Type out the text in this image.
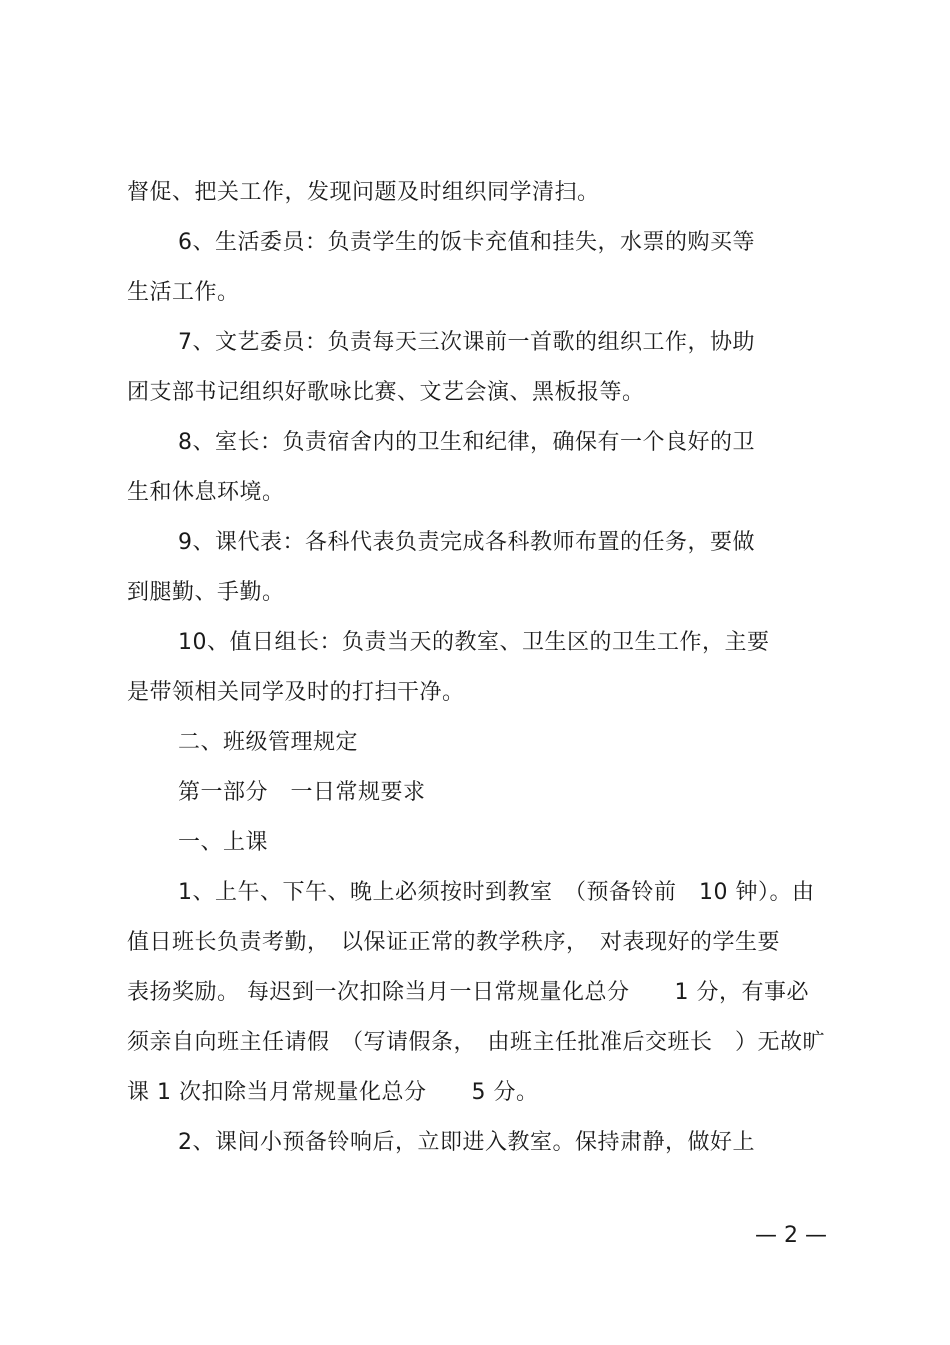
督促、把关工作，发现问题及时组织同学清扫。
6、生活委员：负责学生的饭卡充值和挂失，水票的购买等
生活工作。
7、文艺委员：负责每天三次课前一首歌的组织工作，协助
团支部书记组织好歌咏比赛、文艺会演、黑板报等。
8、室长：负责宿舍内的卫生和纪律，确保有一个良好的卫
生和休息环境。
9、课代表：各科代表负责完成各科教师布置的任务，要做
到腿勤、手勤。
10、值日组长：负责当天的教室、卫生区的卫生工作，主要
是带领相关同学及时的打扫干净。
二、班级管理规定
第一部分　一日常规要求
一、上课
1、上午、下午、晚上必须按时到教室　（预备铃前　10 钟）。由
值日班长负责考勤，　以保证正常的教学秩序，　对表现好的学生要
表扬奖励。 每迟到一次扣除当月一日常规量化总分　　1 分，有事必
须亲自向班主任请假　（写请假条，　由班主任批准后交班长　）无故旷
课 1 次扣除当月常规量化总分　　5 分。
2、课间小预备铃响后，立即进入教室。保持肃静，做好上
— 2 —
